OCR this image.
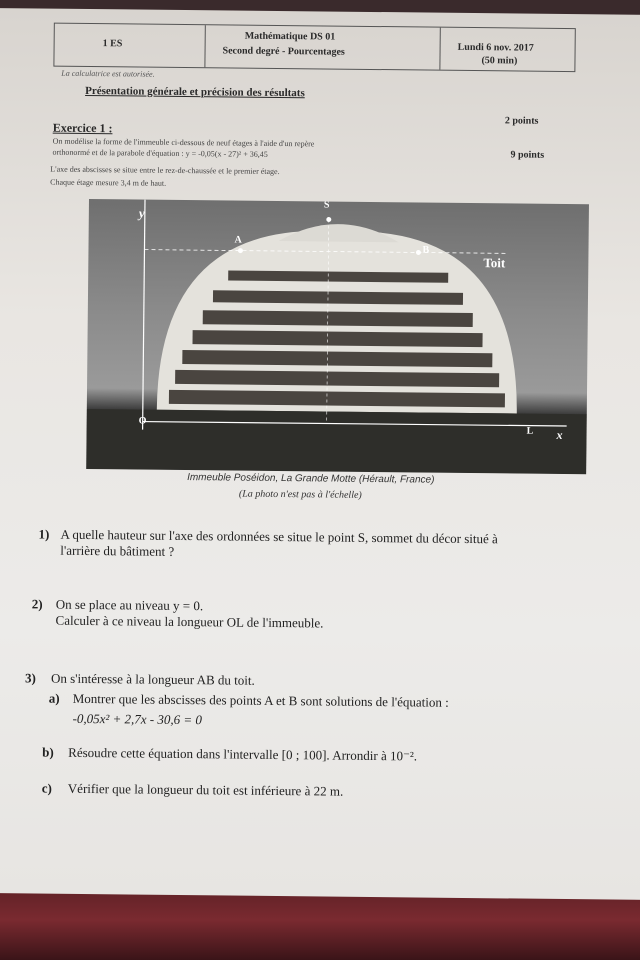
1 ES
Mathématique DS 01
Second degré - Pourcentages	Lundi 6 nov. 2017
(50 min)
La calculatrice est autorisée.
Présentation générale et précision des résultats
2 points
Exercice 1 :
9 points
On modélise la forme de l'immeuble ci-dessous de neuf étages à l'aide d'un repère
orthonormé et de la parabole d'équation : y = -0,05(x - 27)² + 36,45
L'axe des abscisses se situe entre le rez-de-chaussée et le premier étage.
Chaque étage mesure 3,4 m de haut.
y
S
A
B
Toit
O
L x
Immeuble Poséidon, La Grande Motte (Hérault, France)
(La photo n'est pas à l'échelle)
1) A quelle hauteur sur l'axe des ordonnées se situe le point S, sommet du décor situé à
l'arrière du bâtiment ?
2) On se place au niveau y = 0.
Calculer à ce niveau la longueur OL de l'immeuble.
3) On s'intéresse à la longueur AB du toit.
a) Montrer que les abscisses des points A et B sont solutions de l'équation :
-0,05x² + 2,7x - 30,6 = 0
b) Résoudre cette équation dans l'intervalle [0 ; 100]. Arrondir à 10⁻².
c) Vérifier que la longueur du toit est inférieure à 22 m.
